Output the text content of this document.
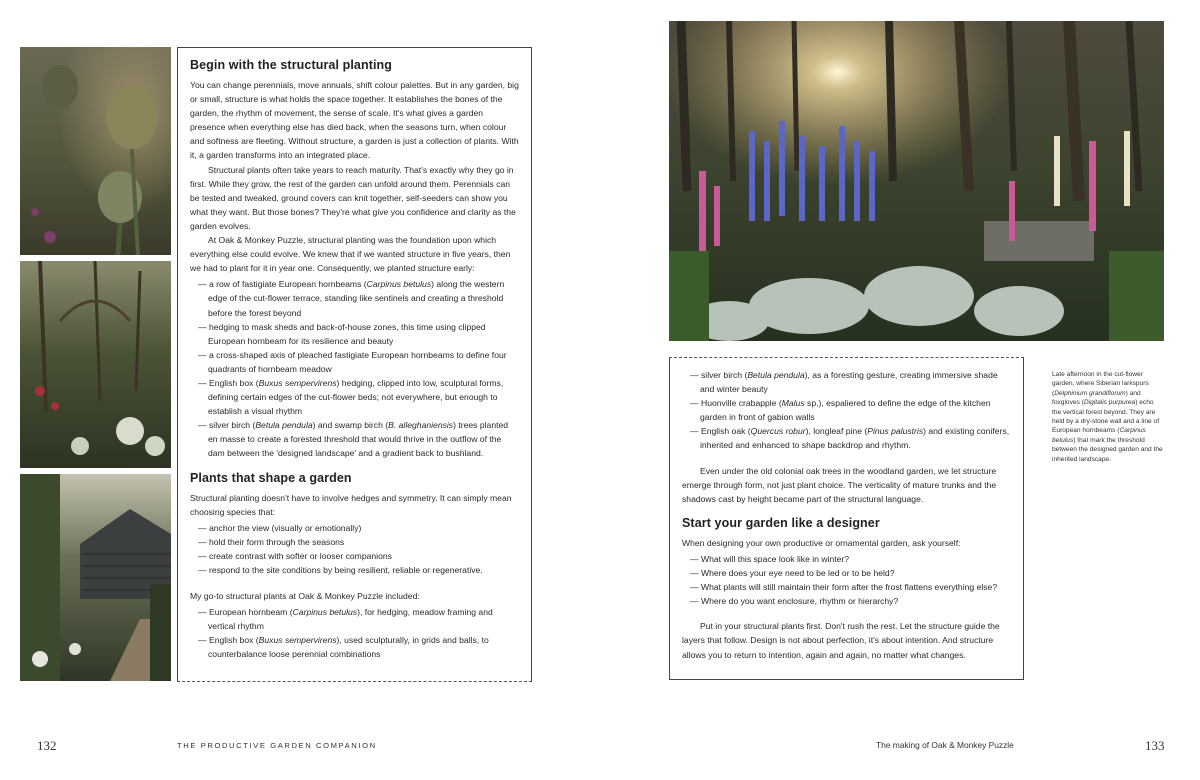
Begin with the structural planting

You can change perennials, move annuals, shift colour palettes. But in any garden, big or small, structure is what holds the space together. It establishes the bones of the garden, the rhythm of movement, the sense of scale. It's what gives a garden presence when everything else has died back, when the seasons turn, when colour and softness are fleeting. Without structure, a garden is just a collection of plants. With it, a garden transforms into an integrated place.

Structural plants often take years to reach maturity. That's exactly why they go in first. While they grow, the rest of the garden can unfold around them. Perennials can be tested and tweaked, ground covers can knit together, self-seeders can show you what they want. But those bones? They're what give you confidence and clarity as the garden evolves.

At Oak & Monkey Puzzle, structural planting was the foundation upon which everything else could evolve. We knew that if we wanted structure in five years, then we had to plant for it in year one. Consequently, we planted structure early:

— a row of fastigiate European hornbeams (Carpinus betulus) along the western edge of the cut-flower terrace, standing like sentinels and creating a threshold before the forest beyond
— hedging to mask sheds and back-of-house zones, this time using clipped European hornbeam for its resilience and beauty
— a cross-shaped axis of pleached fastigiate European hornbeams to define four quadrants of hornbeam meadow
— English box (Buxus sempervirens) hedging, clipped into low, sculptural forms, defining certain edges of the cut-flower beds; not everywhere, but enough to establish a visual rhythm
— silver birch (Betula pendula) and swamp birch (B. alleghaniensis) trees planted en masse to create a forested threshold that would thrive in the outflow of the dam between the 'designed landscape' and a gradient back to bushland.
Plants that shape a garden

Structural planting doesn't have to involve hedges and symmetry. It can simply mean choosing species that:

— anchor the view (visually or emotionally)
— hold their form through the seasons
— create contrast with softer or looser companions
— respond to the site conditions by being resilient, reliable or regenerative.

My go-to structural plants at Oak & Monkey Puzzle included:

— European hornbeam (Carpinus betulus), for hedging, meadow framing and vertical rhythm
— English box (Buxus sempervirens), used sculpturally, in grids and balls, to counterbalance loose perennial combinations
— silver birch (Betula pendula), as a foresting gesture, creating immersive shade and winter beauty
— Huonville crabapple (Malus sp.), espaliered to define the edge of the kitchen garden in front of gabion walls
— English oak (Quercus robur), longleaf pine (Pinus palustris) and existing conifers, inherited and enhanced to shape backdrop and rhythm.

Even under the old colonial oak trees in the woodland garden, we let structure emerge through form, not just plant choice. The verticality of mature trunks and the shadows cast by height became part of the structural language.

Start your garden like a designer

When designing your own productive or ornamental garden, ask yourself:

— What will this space look like in winter?
— Where does your eye need to be led or to be held?
— What plants will still maintain their form after the frost flattens everything else?
— Where do you want enclosure, rhythm or hierarchy?

Put in your structural plants first. Don't rush the rest. Let the structure guide the layers that follow. Design is not about perfection, it's about intention. And structure allows you to return to intention, again and again, no matter what changes.

Late afternoon in the cut-flower garden, where Siberian larkspurs (Delphinium grandiflorum) and foxgloves (Digitalis purpurea) echo the vertical forest beyond. They are held by a dry-stone wall and a line of European hornbeams (Carpinus betulus) that mark the threshold between the designed garden and the inherited landscape.
132	THE PRODUCTIVE GARDEN COMPANION	The making of Oak & Monkey Puzzle	133
